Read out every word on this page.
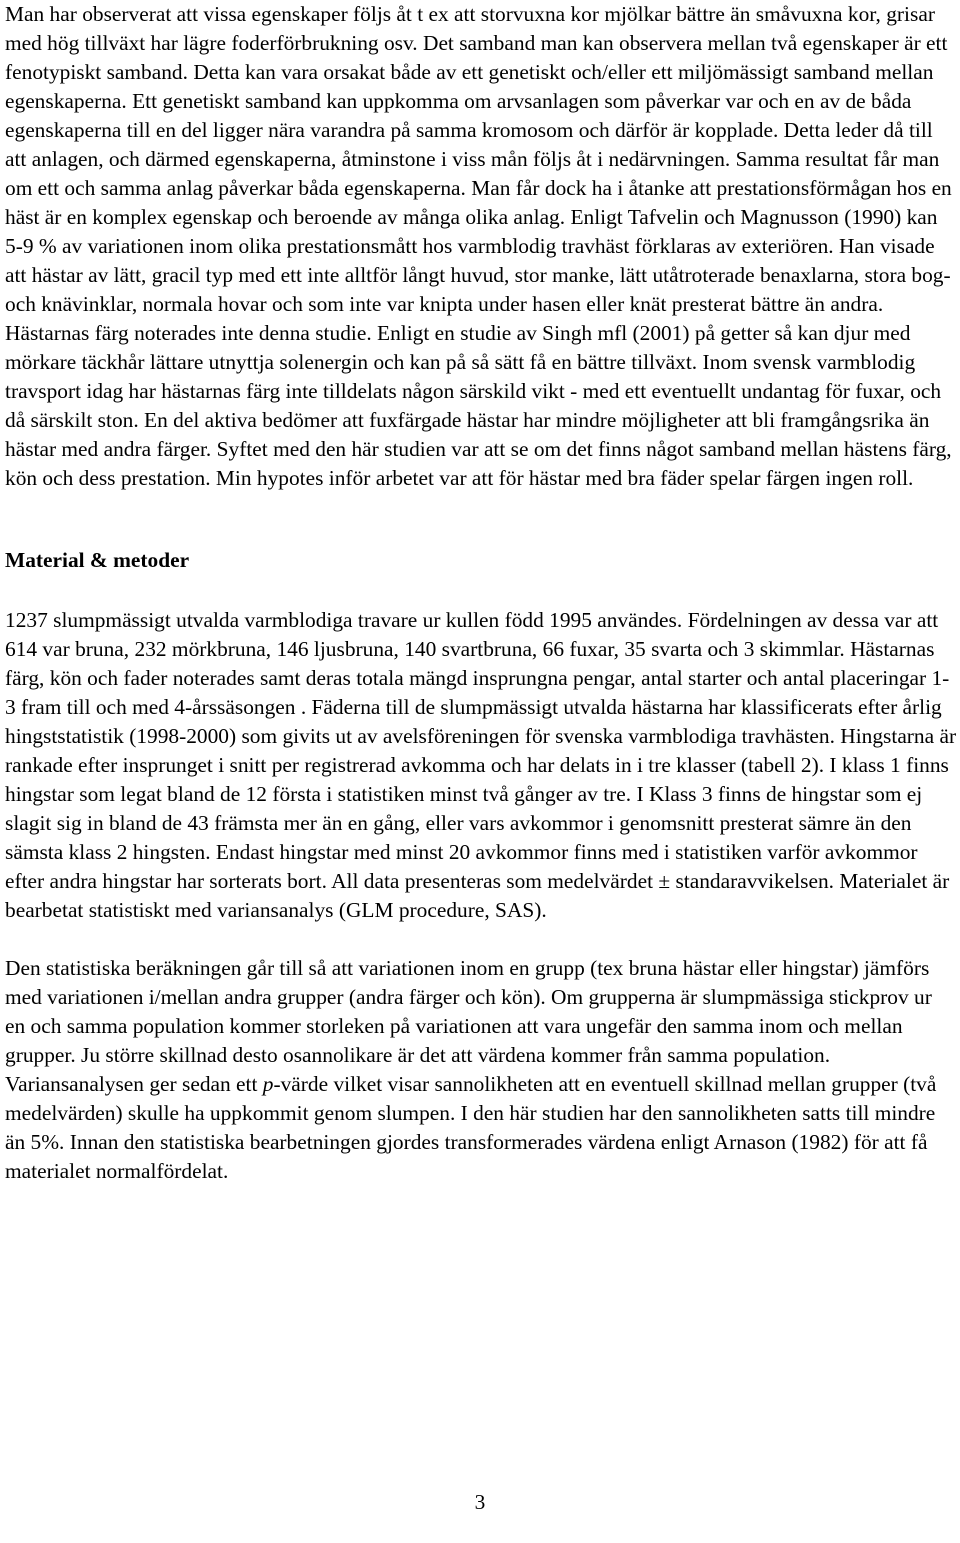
Man har observerat att vissa egenskaper följs åt t ex att storvuxna kor mjölkar bättre än småvuxna kor, grisar med hög tillväxt har lägre foderförbrukning osv. Det samband man kan observera mellan två egenskaper är ett fenotypiskt samband. Detta kan vara orsakat både av ett genetiskt och/eller ett miljömässigt samband mellan egenskaperna. Ett genetiskt samband kan uppkomma om arvsanlagen som påverkar var och en av de båda egenskaperna till en del ligger nära varandra på samma kromosom och därför är kopplade. Detta leder då till att anlagen, och därmed egenskaperna, åtminstone i viss mån följs åt i nedärvningen. Samma resultat får man om ett och samma anlag påverkar båda egenskaperna. Man får dock ha i åtanke att prestationsförmågan hos en häst är en komplex egenskap och beroende av många olika anlag. Enligt Tafvelin och Magnusson (1990) kan 5-9 % av variationen inom olika prestationsmått hos varmblodig travhäst förklaras av exteriören. Han visade att hästar av lätt, gracil typ med ett inte alltför långt huvud, stor manke, lätt utåtroterade benaxlarna, stora bog- och knävinklar, normala hovar och som inte var knipta under hasen eller knät presterat bättre än andra. Hästarnas färg noterades inte denna studie. Enligt en studie av Singh mfl (2001) på getter så kan djur med mörkare täckhår lättare utnyttja solenergin och kan på så sätt få en bättre tillväxt. Inom svensk varmblodig travsport idag har hästarnas färg inte tilldelats någon särskild vikt - med ett eventuellt undantag för fuxar, och då särskilt ston. En del aktiva bedömer att fuxfärgade hästar har mindre möjligheter att bli framgångsrika än hästar med andra färger. Syftet med den här studien var att se om det finns något samband mellan hästens färg, kön och dess prestation. Min hypotes inför arbetet var att för hästar med bra fäder spelar färgen ingen roll.

Material & metoder

1237 slumpmässigt utvalda varmblodiga travare ur kullen född 1995 användes. Fördelningen av dessa var att 614 var bruna, 232 mörkbruna, 146 ljusbruna, 140 svartbruna, 66 fuxar, 35 svarta och 3 skimmlar. Hästarnas färg, kön och fader noterades samt deras totala mängd insprungna pengar, antal starter och antal placeringar 1-3 fram till och med 4-årssäsongen . Fäderna till de slumpmässigt utvalda hästarna har klassificerats efter årlig hingststatistik (1998-2000) som givits ut av avelsföreningen för svenska varmblodiga travhästen. Hingstarna är rankade efter insprunget i snitt per registrerad avkomma och har delats in i tre klasser (tabell 2). I klass 1 finns hingstar som legat bland de 12 första i statistiken minst två gånger av tre. I Klass 3 finns de hingstar som ej slagit sig in bland de 43 främsta mer än en gång, eller vars avkommor i genomsnitt presterat sämre än den sämsta klass 2 hingsten. Endast hingstar med minst 20 avkommor finns med i statistiken varför avkommor efter andra hingstar har sorterats bort. All data presenteras som medelvärdet ± standaravvikelsen. Materialet är bearbetat statistiskt med variansanalys (GLM procedure, SAS).

Den statistiska beräkningen går till så att variationen inom en grupp (tex bruna hästar eller hingstar) jämförs med variationen i/mellan andra grupper (andra färger och kön). Om grupperna är slumpmässiga stickprov ur en och samma population kommer storleken på variationen att vara ungefär den samma inom och mellan grupper. Ju större skillnad desto osannolikare är det att värdena kommer från samma population. Variansanalysen ger sedan ett p-värde vilket visar sannolikheten att en eventuell skillnad mellan grupper (två medelvärden) skulle ha uppkommit genom slumpen. I den här studien har den sannolikheten satts till mindre än 5%. Innan den statistiska bearbetningen gjordes transformerades värdena enligt Arnason (1982) för att få materialet normalfördelat.

3
